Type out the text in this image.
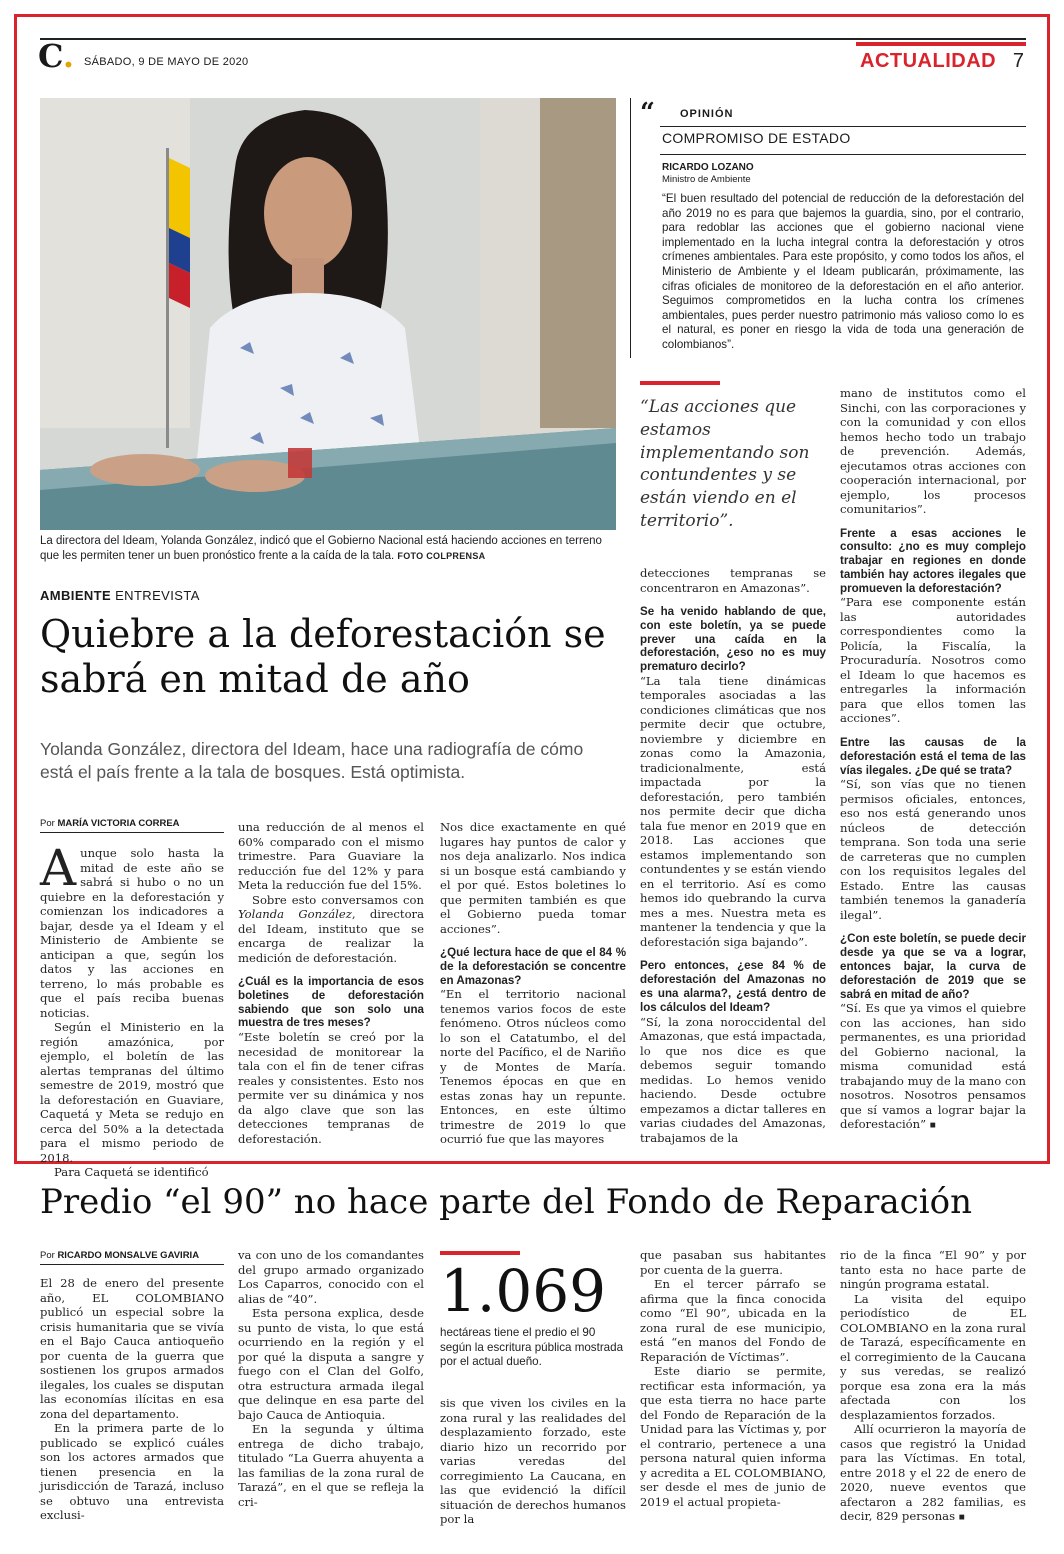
C. SÁBADO, 9 DE MAYO DE 2020	ACTUALIDAD 7
La directora del Ideam, Yolanda González, indicó que el Gobierno Nacional está haciendo acciones en terreno que les permiten tener un buen pronóstico frente a la caída de la tala. FOTO COLPRENSA
“ OPINIÓN
COMPROMISO DE ESTADO
RICARDO LOZANO
Ministro de Ambiente
“El buen resultado del potencial de reducción de la deforestación del año 2019 no es para que bajemos la guardia, sino, por el contrario, para redoblar las acciones que el gobierno nacional viene implementado en la lucha integral contra la deforestación y otros crímenes ambientales. Para este propósito, y como todos los años, el Ministerio de Ambiente y el Ideam publicarán, próximamente, las cifras oficiales de monitoreo de la deforestación en el año anterior. Seguimos comprometidos en la lucha contra los crímenes ambientales, pues perder nuestro patrimonio más valioso como lo es el natural, es poner en riesgo la vida de toda una generación de colombianos”.
“Las acciones que estamos implementando son contundentes y se están viendo en el territorio”.
AMBIENTE ENTREVISTA
Quiebre a la deforestación se sabrá en mitad de año
Yolanda González, directora del Ideam, hace una radiografía de cómo está el país frente a la tala de bosques. Está optimista.
Por MARÍA VICTORIA CORREA

Aunque solo hasta la mitad de este año se sabrá si hubo o no un quiebre en la deforestación y comienzan los indicadores a bajar, desde ya el Ideam y el Ministerio de Ambiente se anticipan a que, según los datos y las acciones en terreno, lo más probable es que el país reciba buenas noticias.

Según el Ministerio en la región amazónica, por ejemplo, el boletín de las alertas tempranas del último semestre de 2019, mostró que la deforestación en Guaviare, Caquetá y Meta se redujo en cerca del 50% a la detectada para el mismo periodo de 2018.

Para Caquetá se identificó

una reducción de al menos el 60% comparado con el mismo trimestre. Para Guaviare la reducción fue del 12% y para Meta la reducción fue del 15%.

Sobre esto conversamos con Yolanda González, directora del Ideam, instituto que se encarga de realizar la medición de deforestación.

¿Cuál es la importancia de esos boletines de deforestación sabiendo que son solo una muestra de tres meses?

“Este boletín se creó por la necesidad de monitorear la tala con el fin de tener cifras reales y consistentes. Esto nos permite ver su dinámica y nos da algo clave que son las detecciones tempranas de deforestación.

Nos dice exactamente en qué lugares hay puntos de calor y nos deja analizarlo. Nos indica si un bosque está cambiando y el por qué. Estos boletines lo que permiten también es que el Gobierno pueda tomar acciones”.

¿Qué lectura hace de que el 84 % de la deforestación se concentre en Amazonas?

“En el territorio nacional tenemos varios focos de este fenómeno. Otros núcleos como lo son el Catatumbo, el del norte del Pacífico, el de Nariño y de Montes de María. Tenemos épocas en que en estas zonas hay un repunte. Entonces, en este último trimestre de 2019 lo que ocurrió fue que las mayores

detecciones tempranas se concentraron en Amazonas”.

Se ha venido hablando de que, con este boletín, ya se puede prever una caída en la deforestación, ¿eso no es muy prematuro decirlo?

“La tala tiene dinámicas temporales asociadas a las condiciones climáticas que nos permite decir que octubre, noviembre y diciembre en zonas como la Amazonia, tradicionalmente, está impactada por la deforestación, pero también nos permite decir que dicha tala fue menor en 2019 que en 2018. Las acciones que estamos implementando son contundentes y se están viendo en el territorio. Así es como hemos ido quebrando la curva mes a mes. Nuestra meta es mantener la tendencia y que la deforestación siga bajando”.

Pero entonces, ¿ese 84 % de deforestación del Amazonas no es una alarma?, ¿está dentro de los cálculos del Ideam?

“Sí, la zona noroccidental del Amazonas, que está impactada, lo que nos dice es que debemos seguir tomando medidas. Lo hemos venido haciendo. Desde octubre empezamos a dictar talleres en varias ciudades del Amazonas, trabajamos de la

mano de institutos como el Sinchi, con las corporaciones y con la comunidad y con ellos hemos hecho todo un trabajo de prevención. Además, ejecutamos otras acciones con cooperación internacional, por ejemplo, los procesos comunitarios”.

Frente a esas acciones le consulto: ¿no es muy complejo trabajar en regiones en donde también hay actores ilegales que promueven la deforestación?

“Para ese componente están las autoridades correspondientes como la Policía, la Fiscalía, la Procuraduría. Nosotros como el Ideam lo que hacemos es entregarles la información para que ellos tomen las acciones”.

Entre las causas de la deforestación está el tema de las vías ilegales. ¿De qué se trata?

“Sí, son vías que no tienen permisos oficiales, entonces, eso nos está generando unos núcleos de detección temprana. Son toda una serie de carreteras que no cumplen con los requisitos legales del Estado. Entre las causas también tenemos la ganadería ilegal”.

¿Con este boletín, se puede decir desde ya que se va a lograr, entonces bajar, la curva de deforestación de 2019 que se sabrá en mitad de año?

“Sí. Es que ya vimos el quiebre con las acciones, han sido permanentes, es una prioridad del Gobierno nacional, la misma comunidad está trabajando muy de la mano con nosotros. Nosotros pensamos que sí vamos a lograr bajar la deforestación” ■

Predio “el 90” no hace parte del Fondo de Reparación
Por RICARDO MONSALVE GAVIRIA

El 28 de enero del presente año, EL COLOMBIANO publicó un especial sobre la crisis humanitaria que se vivía en el Bajo Cauca antioqueño por cuenta de la guerra que sostienen los grupos armados ilegales, los cuales se disputan las economías ilícitas en esa zona del departamento.

En la primera parte de lo publicado se explicó cuáles son los actores armados que tienen presencia en la jurisdicción de Tarazá, incluso se obtuvo una entrevista exclusi-

va con uno de los comandantes del grupo armado organizado Los Caparros, conocido con el alias de “40”.

Esta persona explica, desde su punto de vista, lo que está ocurriendo en la región y el por qué la disputa a sangre y fuego con el Clan del Golfo, otra estructura armada ilegal que delinque en esa parte del bajo Cauca de Antioquia.

En la segunda y última entrega de dicho trabajo, titulado “La Guerra ahuyenta a las familias de la zona rural de Tarazá”, en el que se refleja la cri-

1.069
hectáreas tiene el predio el 90 según la escritura pública mostrada por el actual dueño.

sis que viven los civiles en la zona rural y las realidades del desplazamiento forzado, este diario hizo un recorrido por varias veredas del corregimiento La Caucana, en las que evidenció la difícil situación de derechos humanos por la

que pasaban sus habitantes por cuenta de la guerra.

En el tercer párrafo se afirma que la finca conocida como “El 90”, ubicada en la zona rural de ese municipio, está “en manos del Fondo de Reparación de Víctimas”.

Este diario se permite, rectificar esta información, ya que esta tierra no hace parte del Fondo de Reparación de la Unidad para las Víctimas y, por el contrario, pertenece a una persona natural quien informa y acredita a EL COLOMBIANO, ser desde el mes de junio de 2019 el actual propieta-

rio de la finca “El 90” y por tanto esta no hace parte de ningún programa estatal.

La visita del equipo periodístico de EL COLOMBIANO en la zona rural de Tarazá, específicamente en el corregimiento de la Caucana y sus veredas, se realizó porque esa zona era la más afectada con los desplazamientos forzados.

Allí ocurrieron la mayoría de casos que registró la Unidad para las Víctimas. En total, entre 2018 y el 22 de enero de 2020, nueve eventos que afectaron a 282 familias, es decir, 829 personas ■
